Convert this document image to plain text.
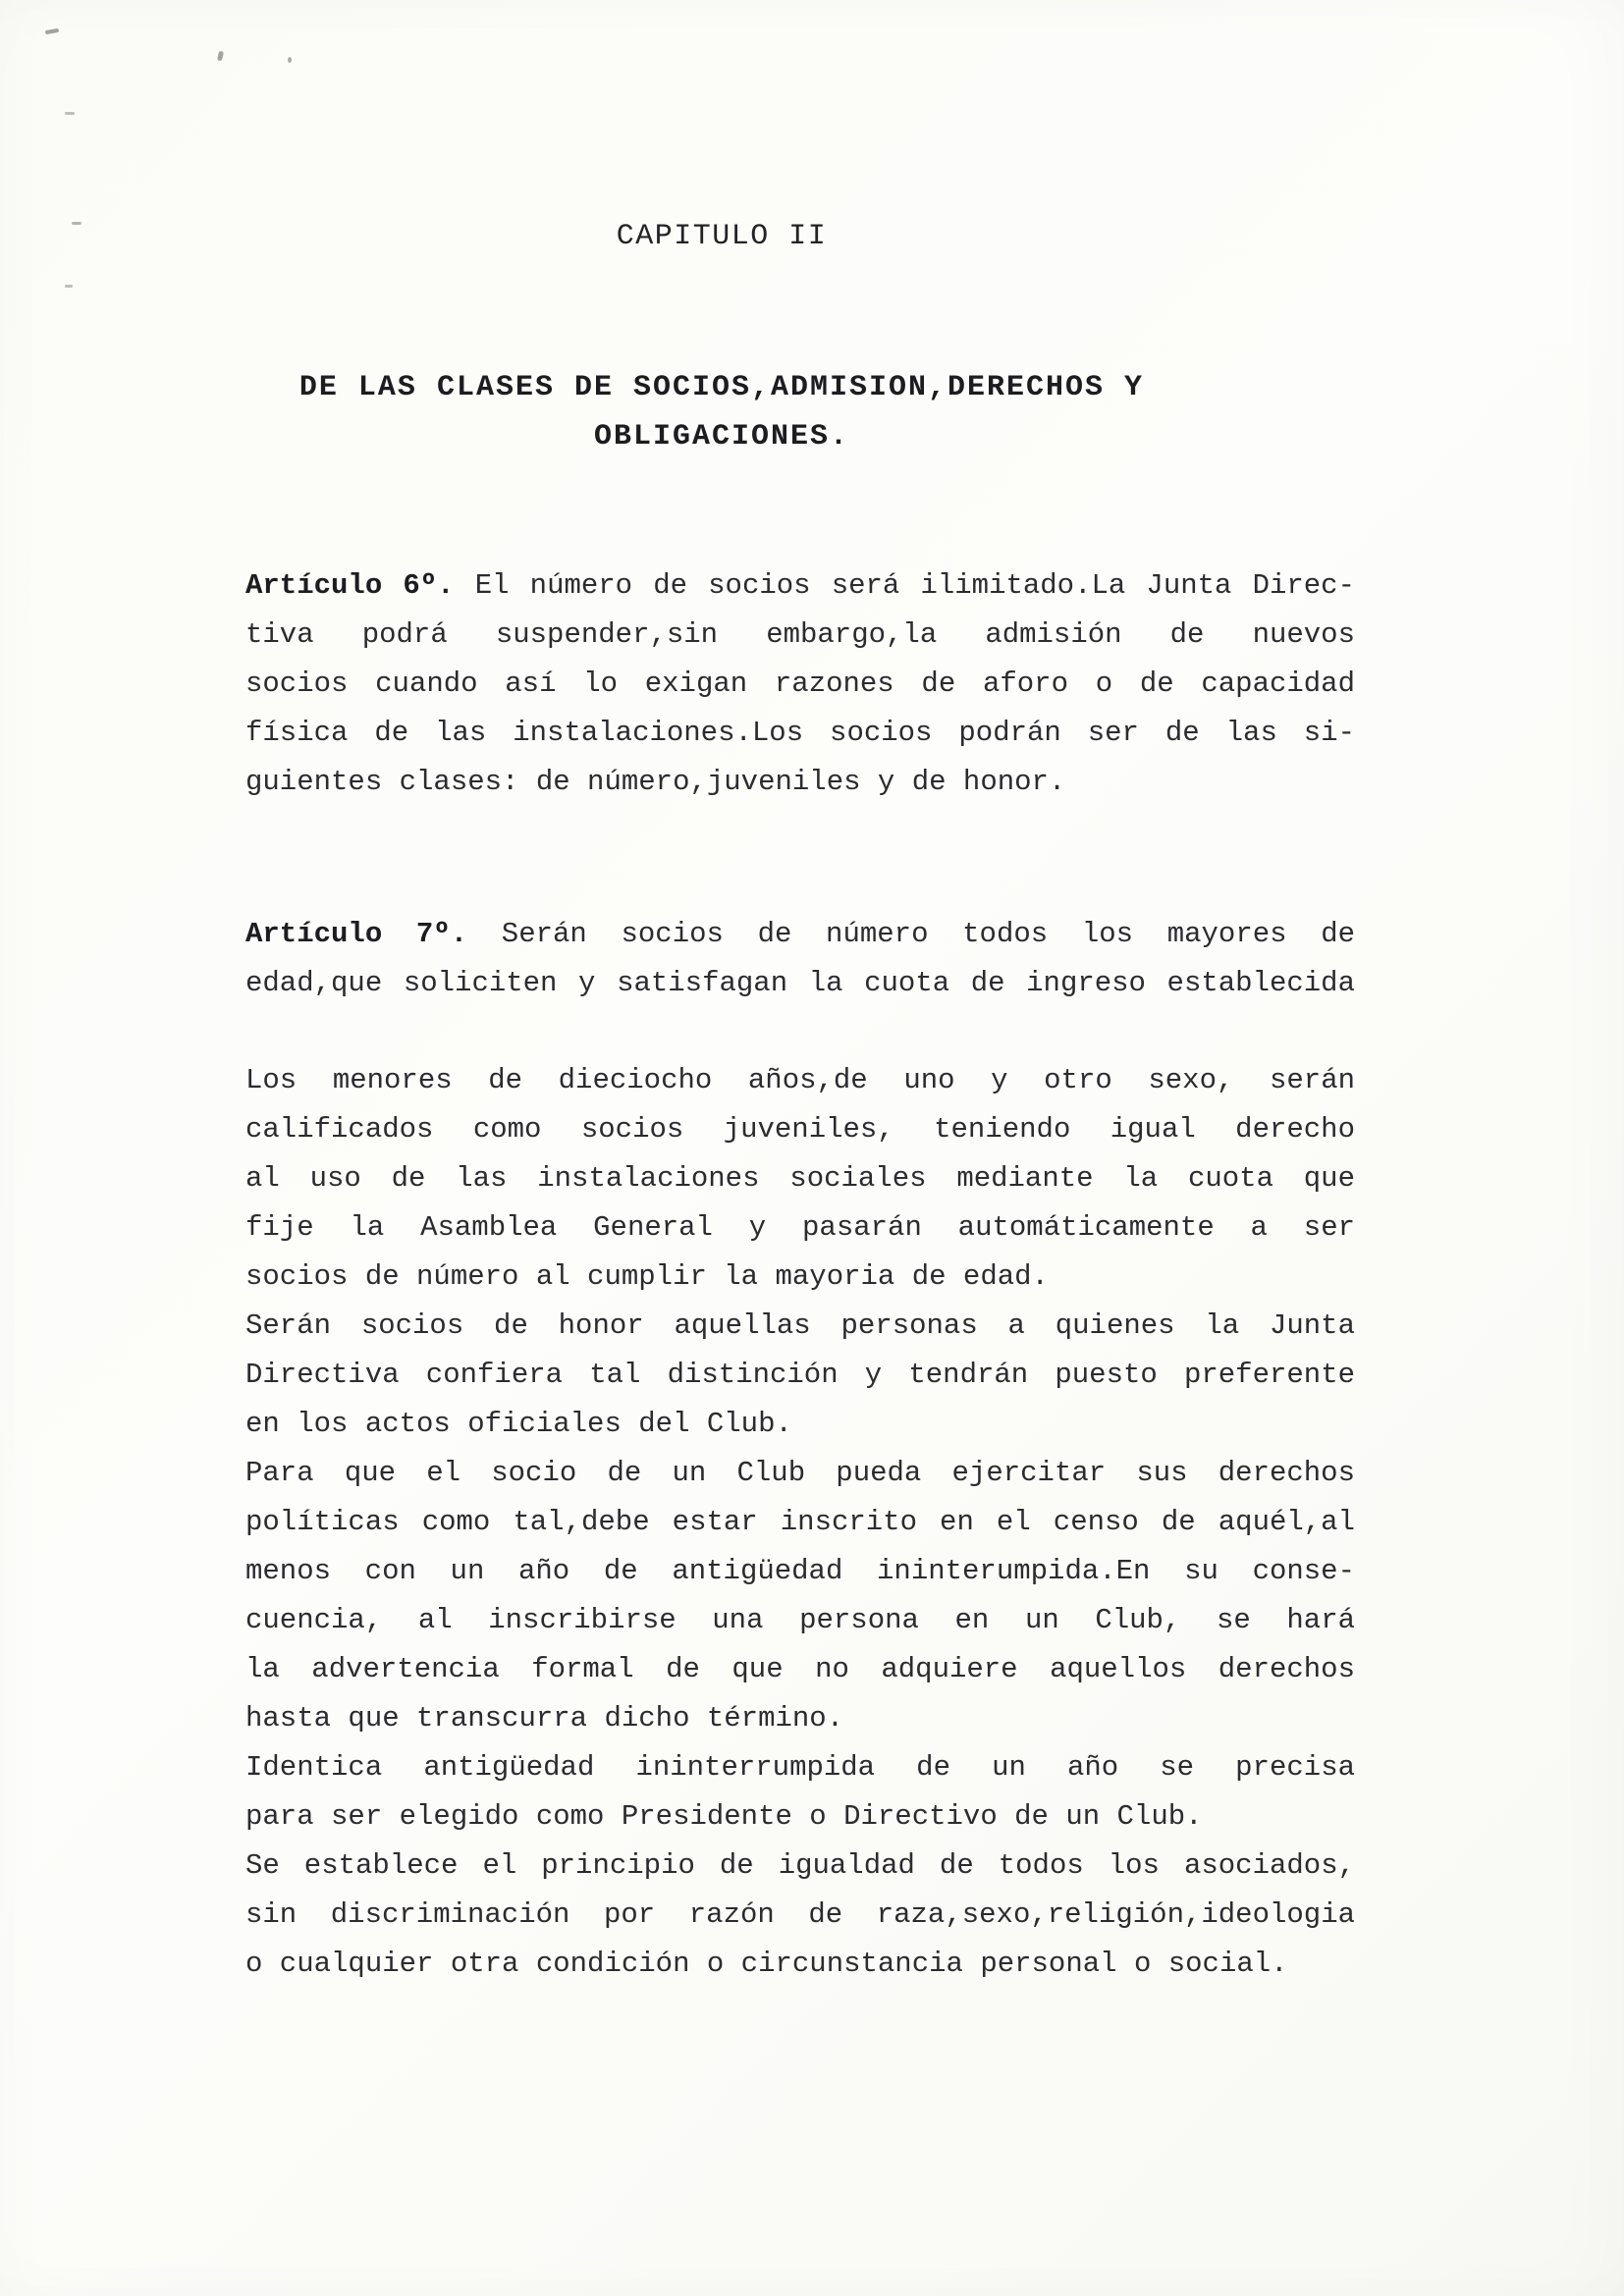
CAPITULO II
DE LAS CLASES DE SOCIOS,ADMISION,DERECHOS Y
OBLIGACIONES.
Artículo 6º. El número de socios será ilimitado.La Junta Direc-
tiva podrá suspender,sin embargo,la admisión de nuevos
socios cuando así lo exigan razones de aforo o de capacidad
física de las instalaciones.Los socios podrán ser de las si-
guientes clases: de número,juveniles y de honor.
Artículo 7º. Serán socios de número todos los mayores de
edad,que soliciten y satisfagan la cuota de ingreso establecida
Los menores de dieciocho años,de uno y otro sexo, serán
calificados como socios juveniles, teniendo igual derecho
al uso de las instalaciones sociales mediante la cuota que
fije la Asamblea General y pasarán automáticamente a ser
socios de número al cumplir la mayoria de edad.
Serán socios de honor aquellas personas a quienes la Junta
Directiva confiera tal distinción y tendrán puesto preferente
en los actos oficiales del Club.
Para que el socio de un Club pueda ejercitar sus derechos
políticas como tal,debe estar inscrito en el censo de aquél,al
menos con un año de antigüedad ininterumpida.En su conse-
cuencia, al inscribirse una persona en un Club, se hará
la advertencia formal de que no adquiere aquellos derechos
hasta que transcurra dicho término.
Identica antigüedad ininterrumpida de un año se precisa
para ser elegido como Presidente o Directivo de un Club.
Se establece el principio de igualdad de todos los asociados,
sin discriminación por razón de raza,sexo,religión,ideologia
o cualquier otra condición o circunstancia personal o social.
